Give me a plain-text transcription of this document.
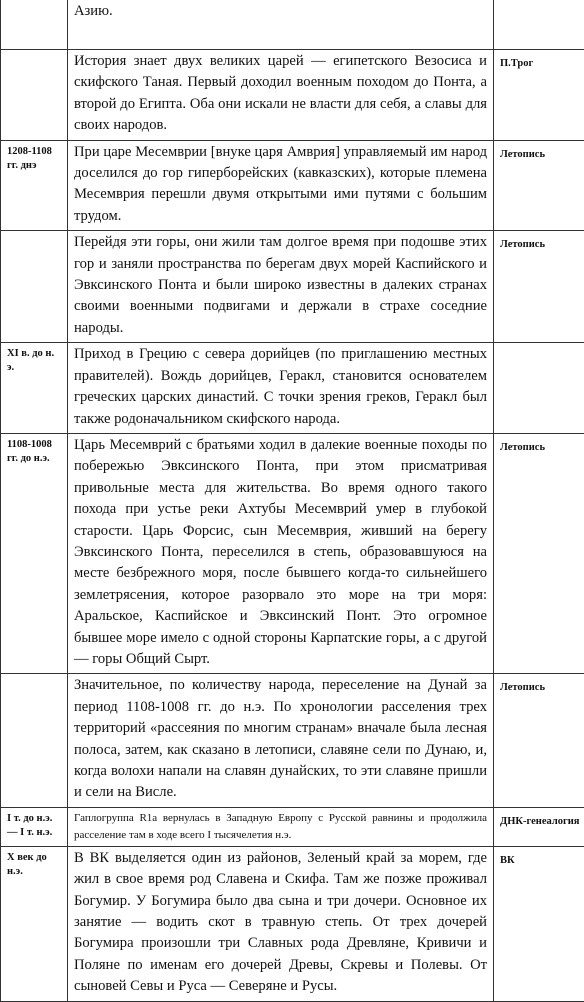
	Азию.	

	История знает двух великих царей — египетского Везосиса и скифского Таная. Первый доходил военным походом до Понта, а второй до Египта. Оба они искали не власти для себя, а славы для своих народов.	П.Трог

1208-1108 гг. днэ	При царе Месемврии [внуке царя Амврия] управляемый им народ доселился до гор гиперборейских (кавказских), которые племена Месемврия перешли двумя открытыми ими путями с большим трудом.	Летопись

	Перейдя эти горы, они жили там долгое время при подошве этих гор и заняли пространства по берегам двух морей Каспийского и Эвксинского Понта и были широко известны в далеких странах своими военными подвигами и держали в страхе соседние народы.	Летопись

XI в. до н. э.	Приход в Грецию с севера дорийцев (по приглашению местных правителей). Вождь дорийцев, Геракл, становится основателем греческих царских династий. С точки зрения греков, Геракл был также родоначальником скифского народа.	

1108-1008 гг. до н.э.	Царь Месемврий с братьями ходил в далекие военные походы по побережью Эвксинского Понта, при этом присматривая привольные места для жительства. Во время одного такого похода при устье реки Ахтубы Месемврий умер в глубокой старости. Царь Форсис, сын Месемврия, живший на берегу Эвксинского Понта, переселился в степь, образовавшуюся на месте безбрежного моря, после бывшего когда-то сильнейшего землетрясения, которое разорвало это море на три моря: Аральское, Каспийское и Эвксинский Понт. Это огромное бывшее море имело с одной стороны Карпатские горы, а с другой — горы Общий Сырт.	Летопись

	Значительное, по количеству народа, переселение на Дунай за период 1108-1008 гг. до н.э. По хронологии расселения трех территорий «рассеяния по многим странам» вначале была лесная полоса, затем, как сказано в летописи, славяне сели по Дунаю, и, когда волохи напали на славян дунайских, то эти славяне пришли и сели на Висле.	Летопись

I т. до н.э. — I т. н.э.	Гаплогруппа R1a вернулась в Западную Европу с Русской равнины и продолжила расселение там в ходе всего I тысячелетия н.э.	ДНК-генеалогия

X век до н.э.	В ВК выделяется один из районов, Зеленый край за морем, где жил в свое время род Славена и Скифа. Там же позже проживал Богумир. У Богумира было два сына и три дочери. Основное их занятие — водить скот в травную степь. От трех дочерей Богумира произошли три Славных рода Древляне, Кривичи и Поляне по именам его дочерей Древы, Скревы и Полевы. От сыновей Севы и Руса — Северяне и Русы.	ВК
